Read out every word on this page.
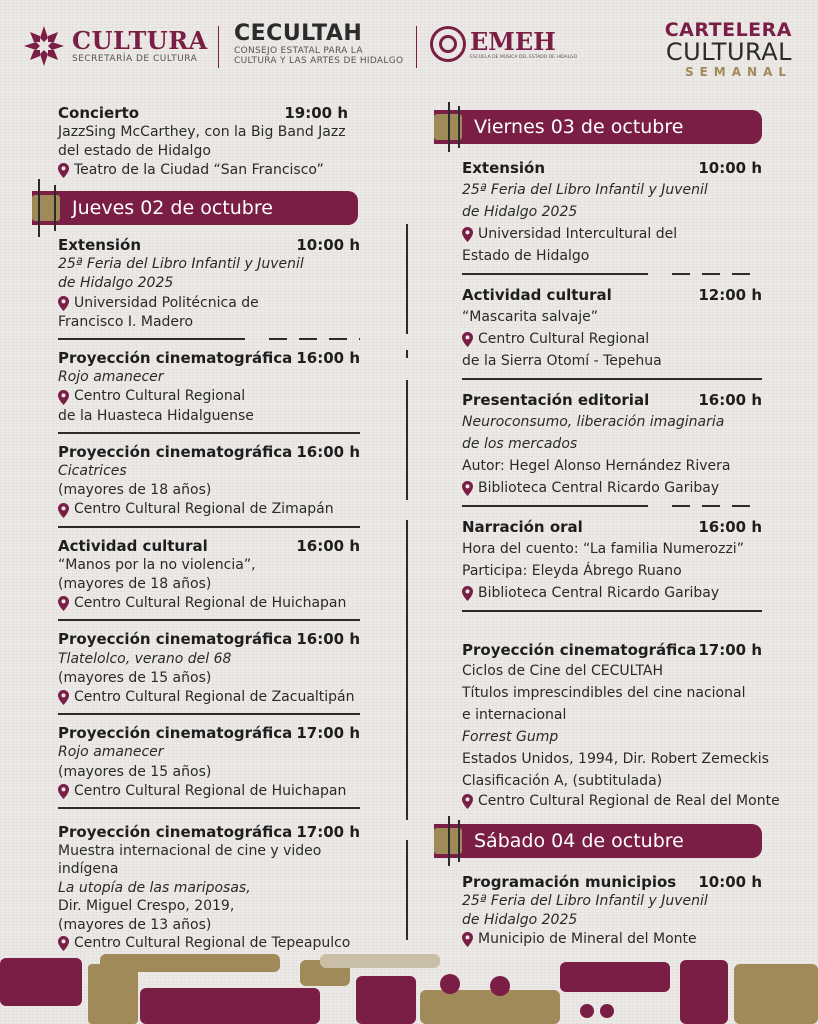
CULTURA
SECRETARÍA DE CULTURA
CECULTAH
CONSEJO ESTATAL PARA LA
CULTURA Y LAS ARTES DE HIDALGO
EMEH
ESCUELA DE MÚSICA DEL ESTADO DE HIDALGO
CARTELERA
CULTURAL
SEMANAL
Concierto	19:00 h
JazzSing McCarthey, con la Big Band Jazz
del estado de Hidalgo
Teatro de la Ciudad “San Francisco”
Jueves 02 de octubre
Extensión	10:00 h
25ª Feria del Libro Infantil y Juvenil
de Hidalgo 2025
Universidad Politécnica de
Francisco I. Madero
Proyección cinematográfica 16:00 h
Rojo amanecer
Centro Cultural Regional
de la Huasteca Hidalguense
Proyección cinematográfica 16:00 h
Cicatrices
(mayores de 18 años)
Centro Cultural Regional de Zimapán
Actividad cultural	16:00 h
“Manos por la no violencia”,
(mayores de 18 años)
Centro Cultural Regional de Huichapan
Proyección cinematográfica 16:00 h
Tlatelolco, verano del 68
(mayores de 15 años)
Centro Cultural Regional de Zacualtipán
Proyección cinematográfica 17:00 h
Rojo amanecer
(mayores de 15 años)
Centro Cultural Regional de Huichapan
Viernes 03 de octubre
Extensión	10:00 h
25ª Feria del Libro Infantil y Juvenil
de Hidalgo 2025
Universidad Intercultural del
Estado de Hidalgo
Actividad cultural	12:00 h
“Mascarita salvaje”
Centro Cultural Regional
de la Sierra Otomí - Tepehua
Presentación editorial	16:00 h
Neuroconsumo, liberación imaginaria
de los mercados
Autor: Hegel Alonso Hernández Rivera
Biblioteca Central Ricardo Garibay
Narración oral	16:00 h
Hora del cuento: “La familia Numerozzi”
Participa: Eleyda Ábrego Ruano
Biblioteca Central Ricardo Garibay
Proyección cinematográfica 17:00 h
Ciclos de Cine del CECULTAH
Títulos imprescindibles del cine nacional
e internacional
Forrest Gump
Estados Unidos, 1994, Dir. Robert Zemeckis
Clasificación A, (subtitulada)
Centro Cultural Regional de Real del Monte
Sábado 04 de octubre
Programación municipios 10:00 h
25ª Feria del Libro Infantil y Juvenil
de Hidalgo 2025
Municipio de Mineral del Monte
Proyección cinematográfica 17:00 h
Muestra internacional de cine y video
indígena
La utopía de las mariposas,
Dir. Miguel Crespo, 2019,
(mayores de 13 años)
Centro Cultural Regional de Tepeapulco
